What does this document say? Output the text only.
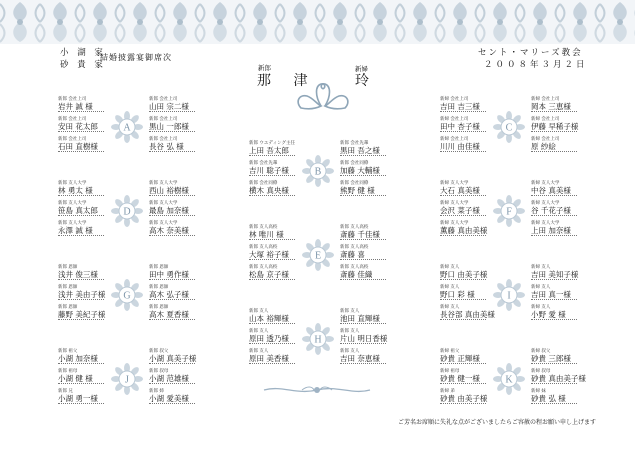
小 湖 家
砂 貴 家
結婚披露宴御席次	セント・マリーズ教会
２００８年３月２日
新郎
那 津
新婦
玲
A
新郎 会社上司
岩井 誠 様
新郎 会社上司
山田 宗二様
新郎 会社上司
安田 花太郎
新郎 会社上司
黒山 一郎様
新郎 会社上司
石田 直樹様
新郎 会社上司
長谷 弘 様
B
新郎 ウエディング主任
上田 吾太郎
新郎 会社先輩
黒田 吾之様
新郎 会社先輩
吉川 聡子様
新郎 会社同僚
加藤 大輔様
新郎 会社同僚
横木 真央様
新郎 会社同僚
熊野 健 様
C
新婦 会社上司
吉田 吉三様
新婦 会社上司
岡本 三恵様
新婦 会社上司
田中 杏子様
新婦 会社上司
伊藤 早稀子様
新婦 会社上司
川川 由佳様
新婦 会社上司
原 紗絵
D
新郎 友人大学
林 勇太 様
新郎 友人大学
西山 裕樹様
新郎 友人大学
笹島 真太郎
新郎 友人大学
最島 加奈様
新郎 友人大学
永澤 誠 様
新郎 友人大学
高木 奈美様
E
新郎 友人高校
林 唯川 様
新郎 友人高校
斎藤 千佳様
新郎 友人高校
大塚 裕子様
新郎 友人高校
斎藤 喜
新郎 友人高校
松島 京子様
新郎 友人高校
斎藤 佳織
F
新婦 友人大学
大石 真美様
新婦 友人大学
中谷 真美様
新婦 友人大学
会沢 菜子様
新婦 友人大学
谷 千花子様
新婦 友人大学
薫藤 真由美様
新婦 友人大学
上田 加奈様
G
新郎 恩師
浅井 俊三様
新郎 恩師
田中 勇作様
新郎 恩師
浅井 美由子様
新郎 恩師
高木 弘子様
新郎 恩師
藤野 美紀子様
新郎 恩師
高木 夏香様
H
新郎 友人
山本 裕輝様
新郎 友人
池田 直輝様
新郎 友人
原田 透乃様
新郎 友人
片山 明日香様
新郎 友人
原田 美香様
新郎 友人
吉田 奈恵様
I
新婦 友人
野口 由美子様
新婦 友人
吉田 美知子様
新婦 友人
野口 彩 様
新婦 友人
吉田 真一様
新婦 友人
長谷部 真由美様
新婦 友人
小野 愛 様
J
新郎 祖父
小湖 加奈様
新郎 叔父
小湖 真美子様
新郎 祖母
小湖 健 様
新郎 叔母
小湖 范雄様
新郎 兄
小湖 勇一様
新郎 姉
小湖 愛美様
K
新婦 祖父
砂貴 正輝様
新婦 叔父
砂貴 三郎様
新婦 祖母
砂貴 健一様
新婦 叔母
砂貴 真由美子様
新婦 弟
砂貴 由美子様
新婦 妹
砂貴 弘 様
ご芳名お席順に失礼な点がございましたらご容赦の程お願い申し上げます
